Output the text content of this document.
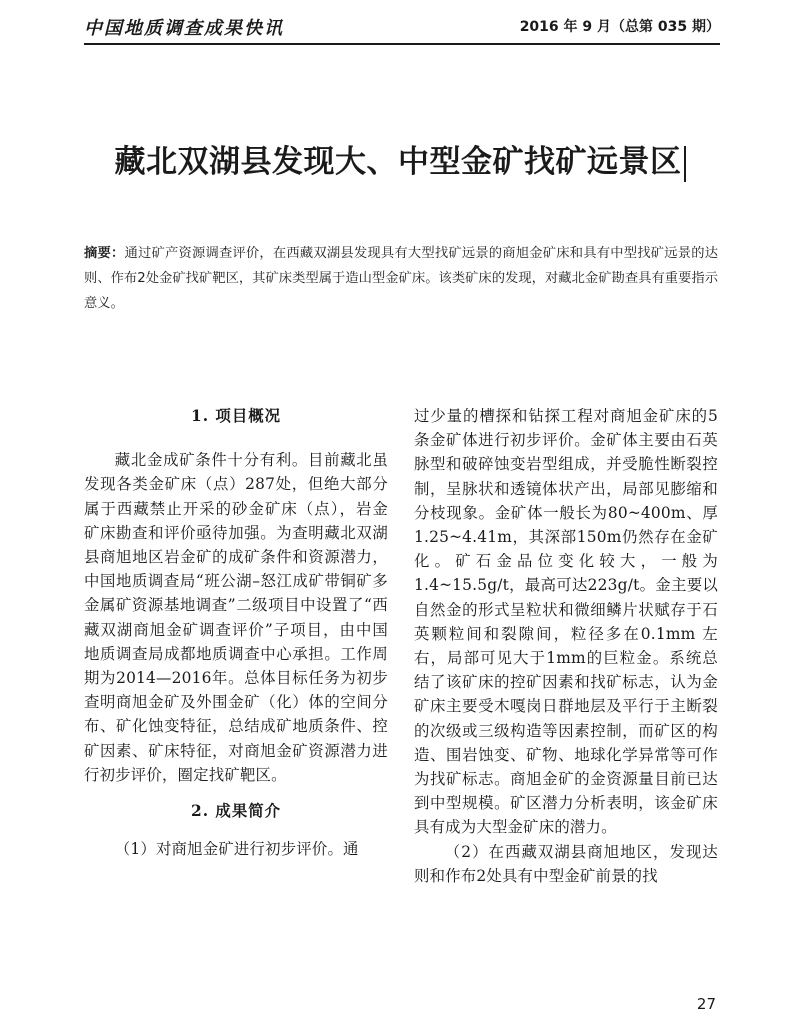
中国地质调查成果快讯	2016 年 9 月（总第 035 期）
藏北双湖县发现大、中型金矿找矿远景区
摘要：通过矿产资源调查评价，在西藏双湖县发现具有大型找矿远景的商旭金矿床和具有中型找矿远景的达则、作布2处金矿找矿靶区，其矿床类型属于造山型金矿床。该类矿床的发现，对藏北金矿勘查具有重要指示意义。
1. 项目概况

藏北金成矿条件十分有利。目前藏北虽发现各类金矿床（点）287处，但绝大部分属于西藏禁止开采的砂金矿床（点），岩金矿床勘查和评价亟待加强。为查明藏北双湖县商旭地区岩金矿的成矿条件和资源潜力，中国地质调查局“班公湖–怒江成矿带铜矿多金属矿资源基地调查”二级项目中设置了“西藏双湖商旭金矿调查评价”子项目，由中国地质调查局成都地质调查中心承担。工作周期为2014—2016年。总体目标任务为初步查明商旭金矿及外围金矿（化）体的空间分布、矿化蚀变特征，总结成矿地质条件、控矿因素、矿床特征，对商旭金矿资源潜力进行初步评价，圈定找矿靶区。

2. 成果简介

（1）对商旭金矿进行初步评价。通

过少量的槽探和钻探工程对商旭金矿床的5条金矿体进行初步评价。金矿体主要由石英脉型和破碎蚀变岩型组成，并受脆性断裂控制，呈脉状和透镜体状产出，局部见膨缩和分枝现象。金矿体一般长为80~400m、厚1.25~4.41m，其深部150m仍然存在金矿化。矿石金品位变化较大，一般为1.4~15.5g/t，最高可达223g/t。金主要以自然金的形式呈粒状和微细鳞片状赋存于石英颗粒间和裂隙间，粒径多在0.1mm 左右，局部可见大于1mm的巨粒金。系统总结了该矿床的控矿因素和找矿标志，认为金矿床主要受木嘎岗日群地层及平行于主断裂的次级或三级构造等因素控制，而矿区的构造、围岩蚀变、矿物、地球化学异常等可作为找矿标志。商旭金矿的金资源量目前已达到中型规模。矿区潜力分析表明，该金矿床具有成为大型金矿床的潜力。

（2）在西藏双湖县商旭地区，发现达则和作布2处具有中型金矿前景的找

27
